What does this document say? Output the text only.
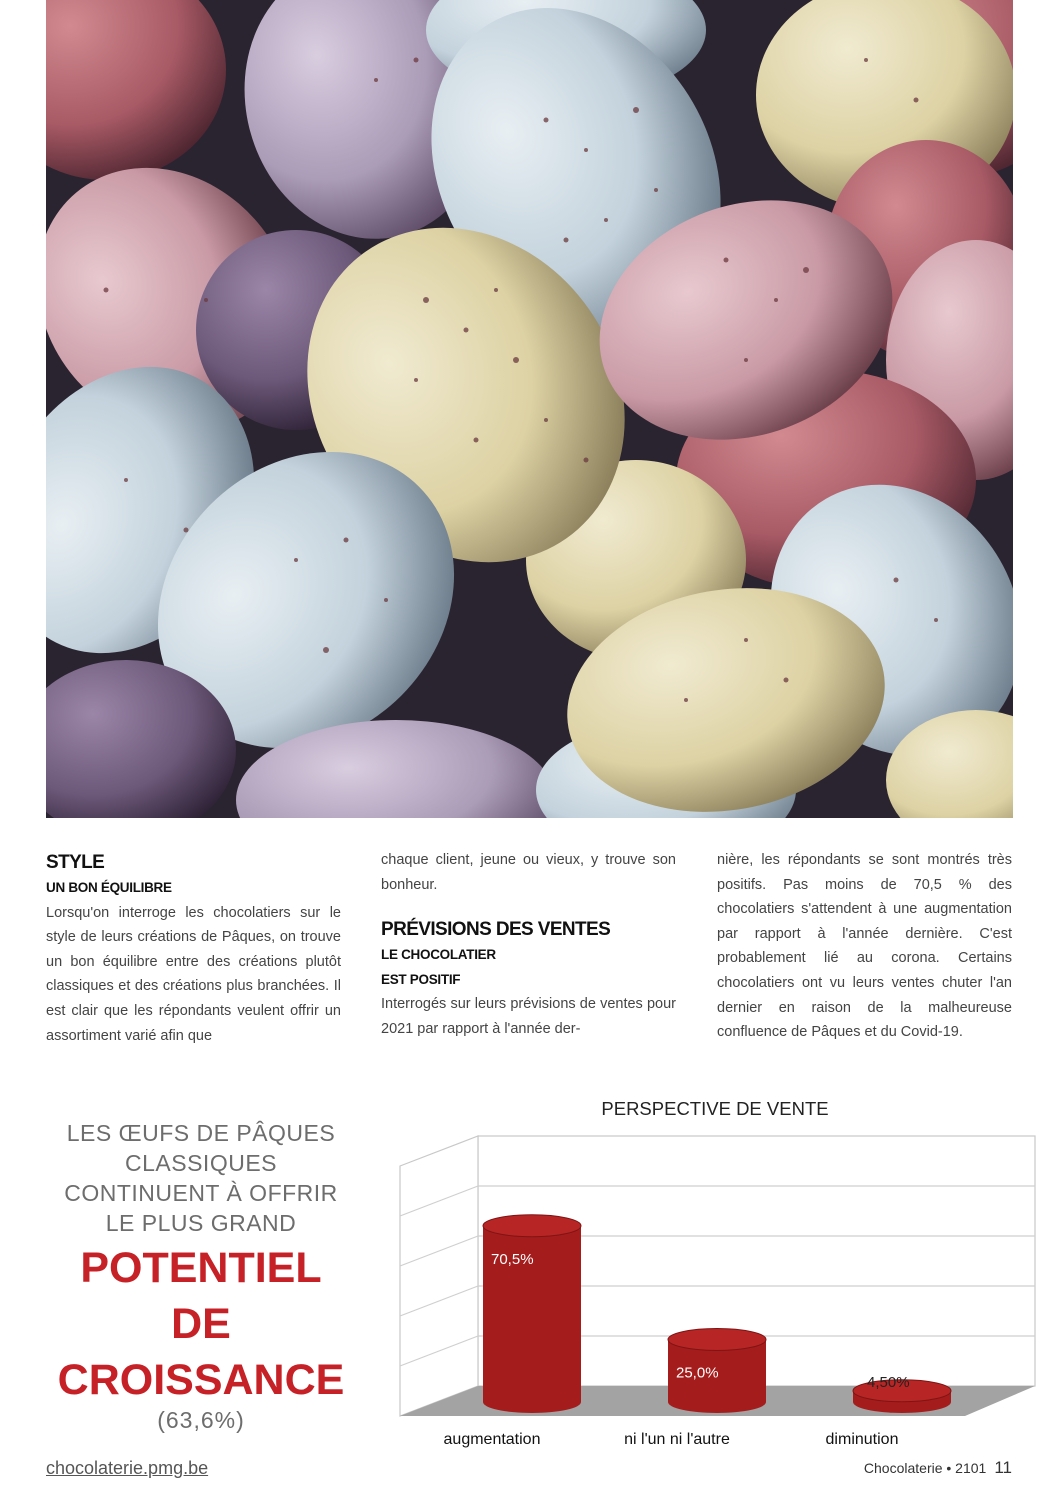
STYLE
UN BON ÉQUILIBRE
Lorsqu'on interroge les chocolatiers sur le style de leurs créations de Pâques, on trouve un bon équilibre entre des créations plutôt classiques et des créations plus branchées. Il est clair que les répondants veulent offrir un assortiment varié afin que
chaque client, jeune ou vieux, y trouve son bonheur.
PRÉVISIONS DES VENTES
LE CHOCOLATIER
EST POSITIF
Interrogés sur leurs prévisions de ventes pour 2021 par rapport à l'année der-
nière, les répondants se sont montrés très positifs. Pas moins de 70,5 % des chocolatiers s'attendent à une augmentation par rapport à l'année dernière. C'est probablement lié au corona. Certains chocolatiers ont vu leurs ventes chuter l'an dernier en raison de la malheureuse confluence de Pâques et du Covid-19.
LES ŒUFS DE PÂQUES
CLASSIQUES
CONTINUENT À OFFRIR
LE PLUS GRAND
POTENTIEL
DE
CROISSANCE
(63,6%)
PERSPECTIVE DE VENTE
70,5%
augmentation
25,0%
ni l'un ni l'autre
4,50%
diminution
chocolaterie.pmg.be	Chocolaterie • 2101 11
